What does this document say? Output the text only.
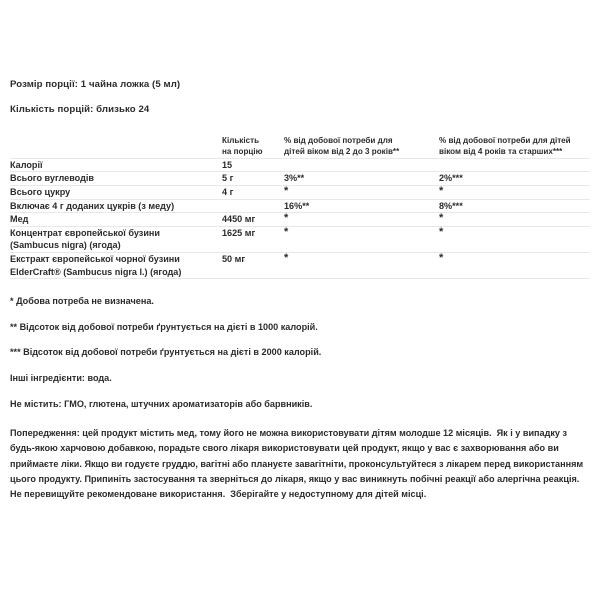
Розмір порції: 1 чайна ложка (5 мл)
Кількість порцій: близько 24
	Кількість
на порцію	% від добової потреби для
дітей віком від 2 до 3 років**	% від добової потреби для дітей
віком від 4 років та старших***
Калорії	15		
Всього вуглеводів	5 г	3%**	2%***
Всього цукру	4 г	*	*
Включає 4 г доданих цукрів (з меду)		16%**	8%***
Мед	4450 мг	*	*
Концентрат європейської бузини
(Sambucus nigra) (ягода)	1625 мг	*	*
Екстракт європейської чорної бузини
ElderCraft® (Sambucus nigra l.) (ягода)	50 мг	*	*
* Добова потреба не визначена.
** Відсоток від добової потреби ґрунтується на дієті в 1000 калорій.
*** Відсоток від добової потреби ґрунтується на дієті в 2000 калорій.
Інші інгредієнти: вода.
Не містить: ГМО, глютена, штучних ароматизаторів або барвників.
Попередження: цей продукт містить мед, тому його не можна використовувати дітям молодше 12 місяців.  Як і у випадку з будь-якою харчовою добавкою, порадьте свого лікаря використовувати цей продукт, якщо у вас є захворювання або ви приймаєте ліки. Якщо ви годуєте груддю, вагітні або плануєте завагітніти, проконсультуйтеся з лікарем перед використанням цього продукту. Припиніть застосування та зверніться до лікаря, якщо у вас виникнуть побічні реакції або алергічна реакція. Не перевищуйте рекомендоване використання.  Зберігайте у недоступному для дітей місці.
